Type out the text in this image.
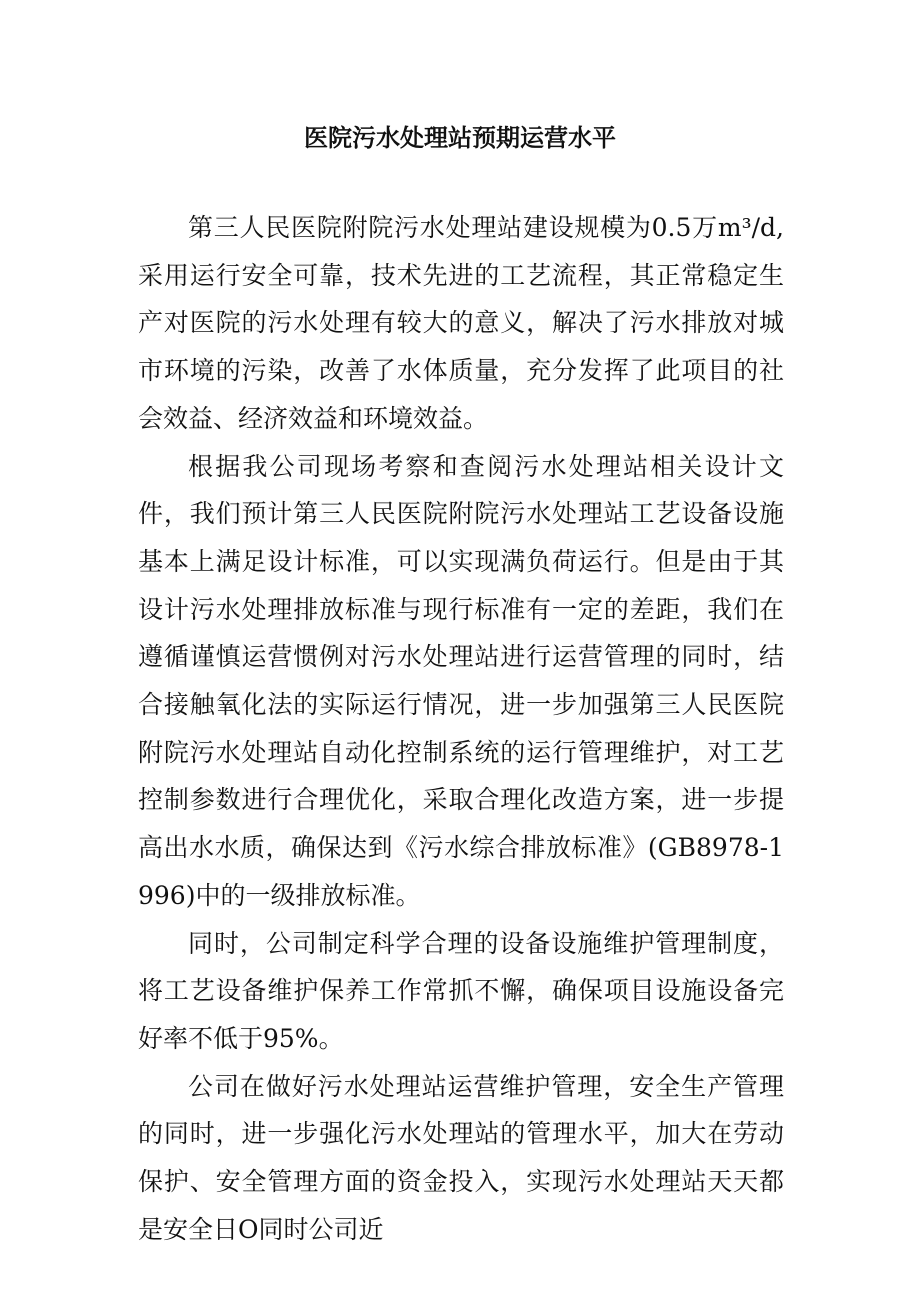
医院污水处理站预期运营水平

第三人民医院附院污水处理站建设规模为0.5万m³/d,采用运行安全可靠，技术先进的工艺流程，其正常稳定生产对医院的污水处理有较大的意义，解决了污水排放对城市环境的污染，改善了水体质量，充分发挥了此项目的社会效益、经济效益和环境效益。

根据我公司现场考察和查阅污水处理站相关设计文件，我们预计第三人民医院附院污水处理站工艺设备设施基本上满足设计标准，可以实现满负荷运行。但是由于其设计污水处理排放标准与现行标准有一定的差距，我们在遵循谨慎运营惯例对污水处理站进行运营管理的同时，结合接触氧化法的实际运行情况，进一步加强第三人民医院附院污水处理站自动化控制系统的运行管理维护，对工艺控制参数进行合理优化，采取合理化改造方案，进一步提高出水水质，确保达到《污水综合排放标准》(GB8978-1996)中的一级排放标准。

同时，公司制定科学合理的设备设施维护管理制度，将工艺设备维护保养工作常抓不懈，确保项目设施设备完好率不低于95%。

公司在做好污水处理站运营维护管理，安全生产管理的同时，进一步强化污水处理站的管理水平，加大在劳动保护、安全管理方面的资金投入，实现污水处理站天天都是安全日O同时公司近
